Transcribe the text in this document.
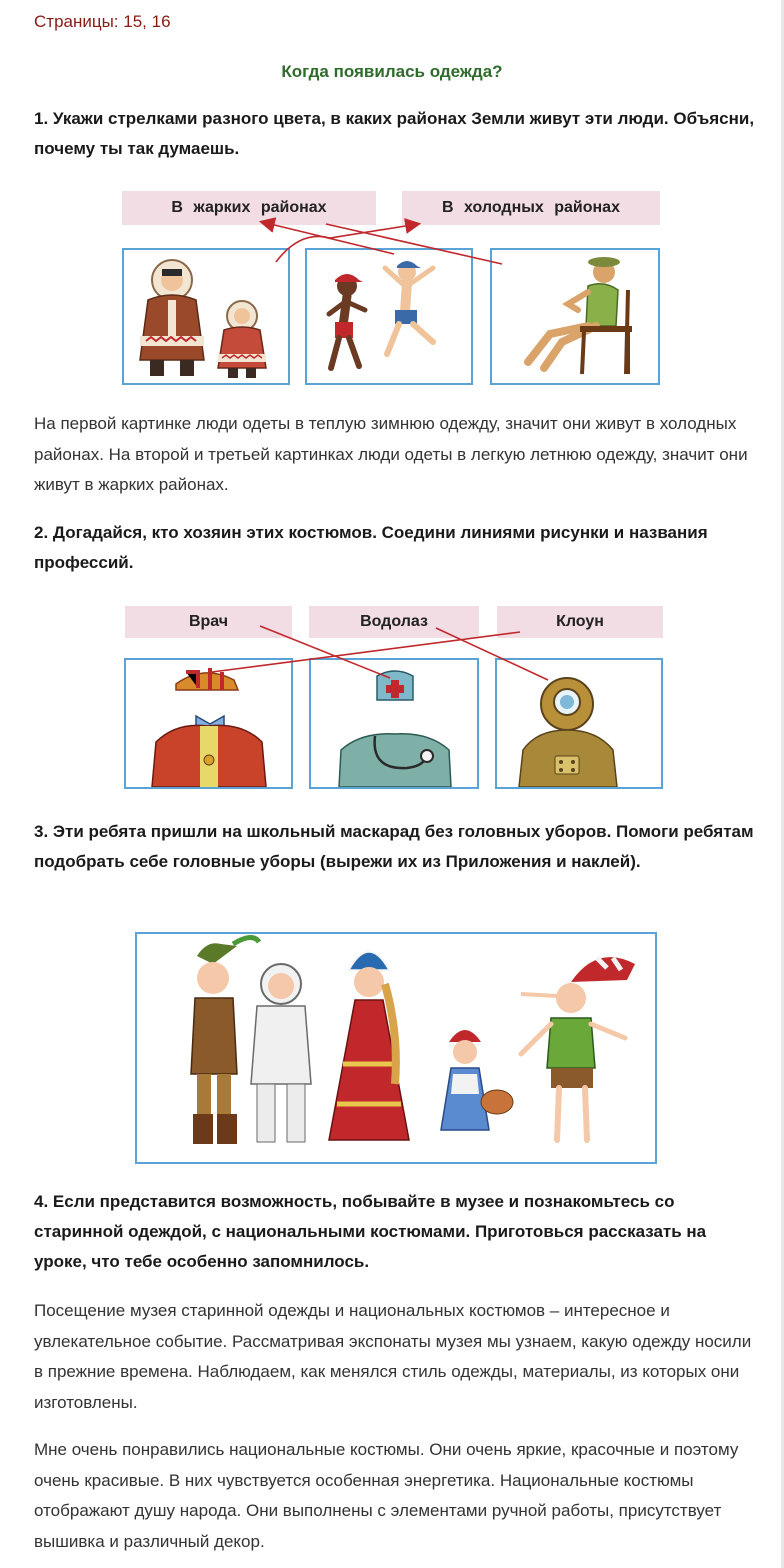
Страницы: 15, 16
Когда появилась одежда?
1. Укажи стрелками разного цвета, в каких районах Земли живут эти люди. Объясни, почему ты так думаешь.
В жарких районах	В холодных районах
На первой картинке люди одеты в теплую зимнюю одежду, значит они живут в холодных районах. На второй и третьей картинках люди одеты в легкую летнюю одежду, значит они живут в жарких районах.
2. Догадайся, кто хозяин этих костюмов. Соедини линиями рисунки и названия профессий.
Врач	Водолаз	Клоун
3. Эти ребята пришли на школьный маскарад без головных уборов. Помоги ребятам подобрать себе головные уборы (вырежи их из Приложения и наклей).
4. Если представится возможность, побывайте в музее и познакомьтесь со старинной одеждой, с национальными костюмами. Приготовься рассказать на уроке, что тебе особенно запомнилось.
Посещение музея старинной одежды и национальных костюмов – интересное и увлекательное событие. Рассматривая экспонаты музея мы узнаем, какую одежду носили в прежние времена. Наблюдаем, как менялся стиль одежды, материалы, из которых они изготовлены.
Мне очень понравились национальные костюмы. Они очень яркие, красочные и поэтому очень красивые. В них чувствуется особенная энергетика. Национальные костюмы отображают душу народа. Они выполнены с элементами ручной работы, присутствует вышивка и различный декор.
